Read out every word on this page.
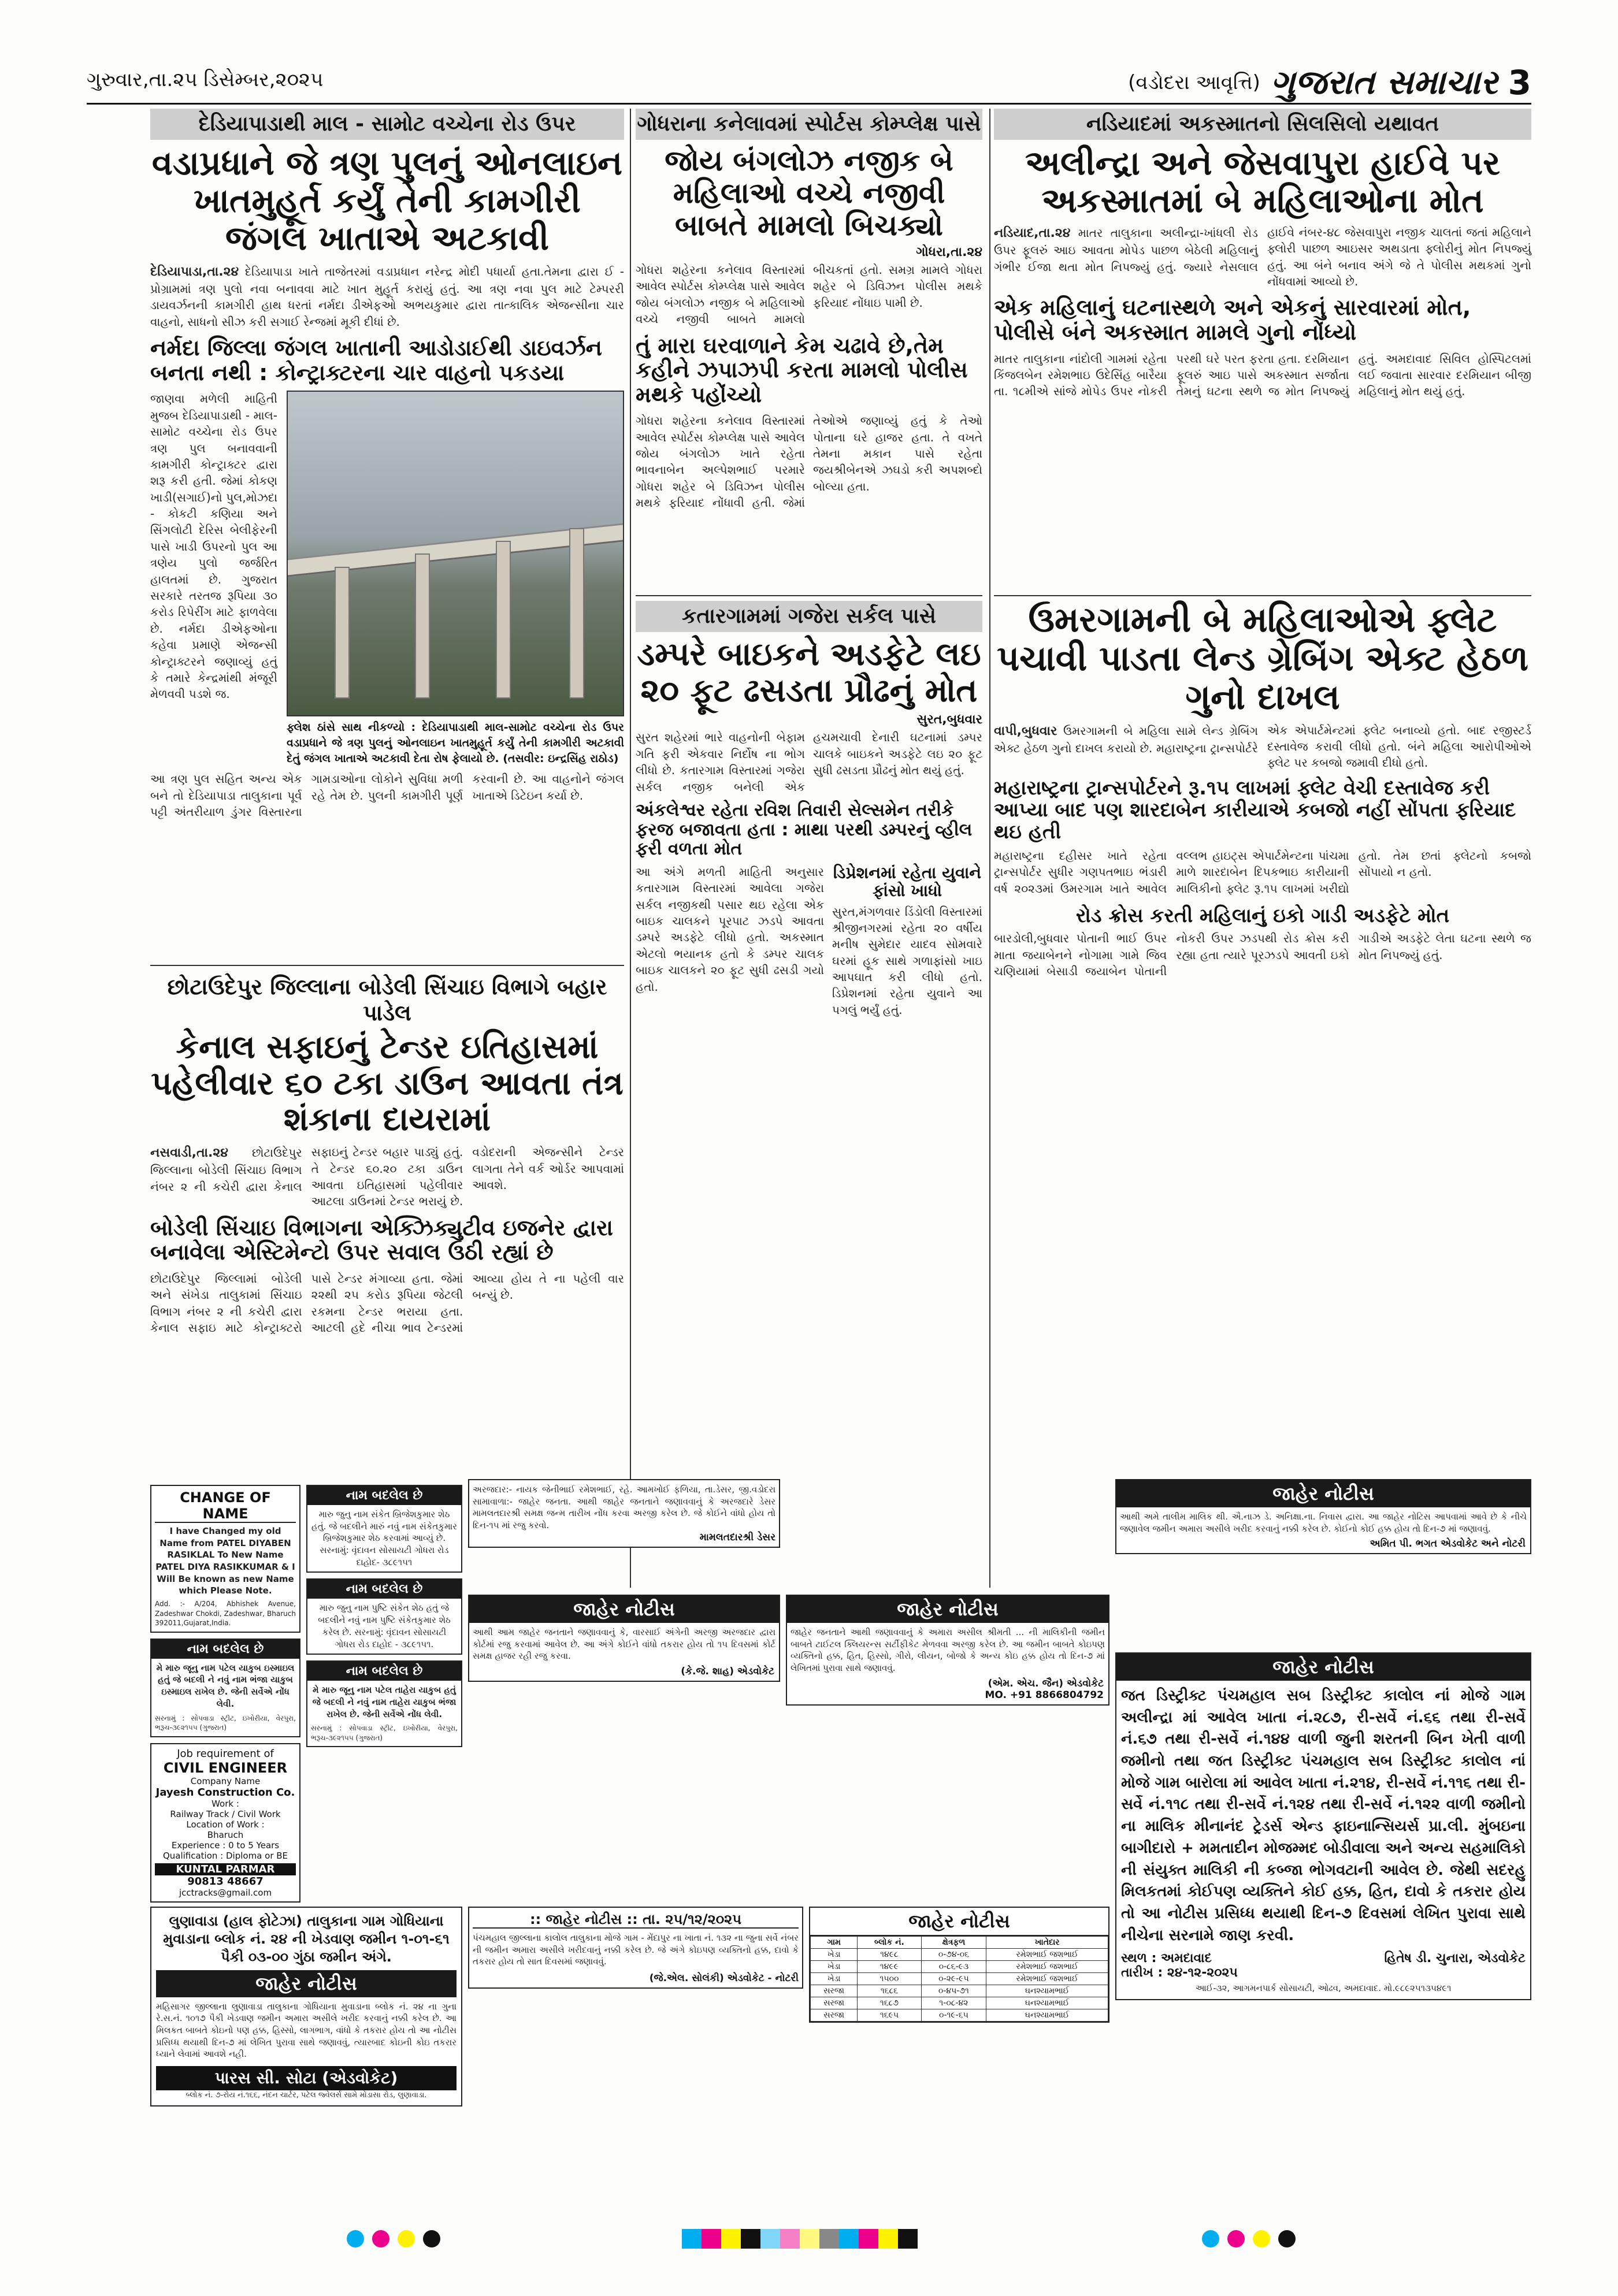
ગુરુવાર,તા.૨૫ ડિસેમ્બર,૨૦૨૫	(વડોદરા આવૃત્તિ) ગુજરાત સમાચાર 3
દેડિયાપાડાથી માલ - સામોટ વચ્ચેના રોડ ઉપર
વડાપ્રધાને જે ત્રણ પુલનું ઓનલાઇન ખાતમુહૂર્ત કર્યું તેની કામગીરી જંગલ ખાતાએ અટકાવી
દેડિયાપાડા,તા.૨૪ દેડિયાપાડા ખાતે તાજેતરમાં વડાપ્રધાન નરેન્દ્ર મોદી પધાર્યા હતા.તેમના દ્વારા ઈ - પ્રોગ્રામમાં ત્રણ પુલો નવા બનાવવા માટે ખાત મુહૂર્ત કરાયું હતું. આ ત્રણ નવા પુલ માટે ટેમ્પરરી ડાયવર્ઝનની કામગીરી હાથ ધરતાં નર્મદા ડીએફઓ અભયકુમાર દ્વારા તાત્કાલિક એજન્સીના ચાર વાહનો, સાધનો સીઝ કરી સગાઈ રેન્જમાં મૂકી દીધાં છે.
નર્મદા જિલ્લા જંગલ ખાતાની આડોડાઈથી ડાઇવર્ઝન બનતા નથી : કોન્ટ્રાક્ટરના ચાર વાહનો પકડયા
જાણવા મળેલી માહિતી મુજબ દેડિયાપાડાથી - માલ-સામોટ વચ્ચેના રોડ ઉપર ત્રણ પુલ બનાવવાની કામગીરી કોન્ટ્રાક્ટર દ્વારા શરૂ કરી હતી. જેમાં કોકણ ખાડી(સગાઈ)નો પુલ,મોઝદા - કોકટી કણિયા અને સિંગલોટી દેરિસ બેલીફેરની પાસે ખાડી ઉપરનો પુલ આ ત્રણેય પુલો જર્જરિત હાલતમાં છે. ગુજરાત સરકારે તરતજ રૂપિયા ૩૦ કરોડ રિપેરીંગ માટે ફાળવેલા છે. નર્મદા ડીએફઓના કહેવા પ્રમાણે એજન્સી કોન્ટ્રાક્ટરને જણાવ્યું હતું કે તમારે કેન્દ્રમાંથી મંજૂરી મેળવવી પડશે જ.
ફ્લેશ ઠાંસે સાથ નીકળ્યો : દેડિયાપાડાથી માલ-સામોટ વચ્ચેના રોડ ઉપર વડાપ્રધાને જે ત્રણ પુલનું ઓનલાઇન ખાતમુહૂર્ત કર્યું તેની કામગીરી અટકાવી દેતું જંગલ ખાતાએ અટકાવી દેતા રોષ ફેલાયો છે. (તસવીર: ઇન્દ્રસિંહ રાઠોડ)
આ ત્રણ પુલ સહિત અન્ય એક બને તો દેડિયાપાડા તાલુકાના પૂર્વ પટ્ટી અંતરીયાળ ડુંગર વિસ્તારના ગામડાઓના લોકોને સુવિધા મળી રહે તેમ છે. પુલની કામગીરી પૂર્ણ કરવાની છે. આ વાહનોને જંગલ ખાતાએ ડિટેઇન કર્યા છે.
છોટાઉદેપુર જિલ્લાના બોડેલી સિંચાઇ વિભાગે બહાર પાડેલ
કેનાલ સફાઇનું ટેન્ડર ઇતિહાસમાં પહેલીવાર ૬૦ ટકા ડાઉન આવતા તંત્ર શંકાના દાયરામાં
નસવાડી,તા.૨૪ છોટાઉદેપુર જિલ્લાના બોડેલી સિંચાઇ વિભાગ નંબર ૨ ની કચેરી દ્વારા કેનાલ સફાઇનું ટેન્ડર બહાર પાડ્યું હતું. તે ટેન્ડર ૬૦.૨૦ ટકા ડાઉન આવતા ઇતિહાસમાં પહેલીવાર આટલા ડાઉનમાં ટેન્ડર ભરાયું છે. વડોદરાની એજન્સીને ટેન્ડર લાગતા તેને વર્ક ઓર્ડર આપવામાં આવશે.
બોડેલી સિંચાઇ વિભાગના એક્ઝિક્યુટીવ ઇજનેર દ્વારા બનાવેલા એસ્ટિમેન્ટો ઉપર સવાલ ઉઠી રહ્યાં છે
છોટાઉદેપુર જિલ્લામાં બોડેલી અને સંખેડા તાલુકામાં સિંચાઇ વિભાગ નંબર ૨ ની કચેરી દ્વારા કેનાલ સફાઇ માટે કોન્ટ્રાક્ટરો પાસે ટેન્ડર મંગાવ્યા હતા. જેમાં ૨૨થી ૨૫ કરોડ રૂપિયા જેટલી રકમના ટેન્ડર ભરાયા હતા. આટલી હદે નીચા ભાવ ટેન્ડરમાં આવ્યા હોય તે ના પહેલી વાર બન્યું છે.
CHANGE OF NAME
I have Changed my old Name from PATEL DIYABEN RASIKLAL To New Name PATEL DIYA RASIKKUMAR & I Will Be known as new Name which Please Note.
Add. :- A/204, Abhishek Avenue, Zadeshwar Chokdi, Zadeshwar, Bharuch 392011,Gujarat,India.
નામ બદલેલ છે
મે મારુ જૂનુ નામ પટેલ યાકુબ ઇસ્માઇલ હતું જે બદલી ને નવું નામ ભંજા યાકુબ ઇસ્માઇલ રાખેલ છે. જેની સર્વેએ નોંધ લેવી.
સરનામું : સોપવાડા સ્ટ્રીટ, ઇખોરીયા, વેરપુરા, ભરૂચ-૩૯૨૧૫૫ (ગુજરાત)
Job requirement of
CIVIL ENGINEER
Company Name
Jayesh Construction Co.
Work :
Railway Track / Civil Work
Location of Work :
Bharuch
Experience : 0 to 5 Years
Qualification : Diploma or BE
KUNTAL PARMAR
90813 48667
jcctracks@gmail.com
નામ બદલેલ છે
મારુ જુનુ નામ સંકેત બ્રિજેશકુમાર શેઠ હતું. જે બદલીને મારું નવું નામ સંકેતકુમાર બ્રિજેશકુમાર શેઠ કરવામાં આવ્યું છે. સરનામું: વૃંદાવન સોસાયટી ગોધરા રોડ દાહોદ- ૩૮૯૧૫૧
નામ બદલેલ છે
મારુ જુનુ નામ પુષ્ટિ સંકેત શેઠ હતું જે બદલીને નવું નામ પુષ્ટિ સંકેતકુમાર શેઠ કરેલ છે. સરનામું: વૃંદાવન સોસાયટી ગોધરા રોડ દાહોદ - ૩૮૯૧૫૧.
નામ બદલેલ છે
મે મારુ જૂનુ નામ પટેલ તાહેરા યાકુબ હતું જે બદલી ને નવું નામ તાહેરા યાકુબ ભંજા રાખેલ છે. જેની સર્વેએ નોંધ લેવી.
સરનામું : સોપવાડા સ્ટ્રીટ, ઇખોરીયા, વેરપુરા, ભરૂચ-૩૯૨૧૫૫ (ગુજરાત)
લુણાવાડા (હાલ ફોટેઝા) તાલુકાના ગામ ગોધિયાના મુવાડાના બ્લોક નં. ૨૪ ની ખેડવાણ જમીન ૧-૦૧-૬૧ પૈકી ૦૩-૦૦ ગુંઠા જમીન અંગે.
જાહેર નોટીસ
મહિસાગર જીલ્લાના લુણાવાડા તાલુકાના ગોધિયાના મુવાડાના બ્લોક નં. ૨૪ ના ગુના રે.સ.નં. ૧૦૧૭ પૈકી ખેડવાણ જમીન અમારા અસીલે ખરીદ કરવાનું નક્કી કરેલ છે. આ મિલકત બાબતે કોઇનો પણ હક્ક, હિસ્સો, લાગભાગ, વાંધો કે તકરાર હોય તો આ નોટીસ પ્રસિધ્ધ થયાથી દિન-૭ માં લેખિત પુરાવા સાથે જણાવવું, ત્યારબાદ કોઇની કોઇ તકરાર ધ્યાને લેવામાં આવશે નહી.
પારસ સી. સોટા (એડવોકેટ)
બ્લોક નં. ૭-રોય નં.૧૬૬, નંદન ચાર્ટર, પટેલ જ્વેલર્સ સામે મોડાસા રોડ, લુણાવાડા.
ગોધરાના કનેલાવમાં સ્પોર્ટસ કોમ્પ્લેક્ષ પાસે
જોય બંગલોઝ નજીક બે મહિલાઓ વચ્ચે નજીવી બાબતે મામલો બિચક્યો
ગોધરા,તા.૨૪
ગોધરા શહેરના કનેલાવ વિસ્તારમાં આવેલ સ્પોર્ટસ કોમ્પ્લેક્ષ પાસે આવેલ જોય બંગલોઝ નજીક બે મહિલાઓ વચ્ચે નજીવી બાબતે મામલો બીચકતાં હતો. સમગ્ર મામલે ગોધરા શહેર બે ડિવિઝન પોલીસ મથકે ફરિયાદ નોંધાઇ પામી છે.
તું મારા ઘરવાળાને કેમ ચઢાવે છે,તેમ કહીને ઝપાઝપી કરતા મામલો પોલીસ મથકે પહોંચ્યો
ગોધરા શહેરના કનેલાવ વિસ્તારમાં આવેલ સ્પોર્ટસ કોમ્પ્લેક્ષ પાસે આવેલ જોય બંગલોઝ ખાતે રહેતા ભાવનાબેન અલ્પેશભાઈ પરમારે ગોધરા શહેર બે ડિવિઝન પોલીસ મથકે ફરિયાદ નોંધાવી હતી. જેમાં તેઓએ જણાવ્યું હતું કે તેઓ પોતાના ઘરે હાજર હતા. તે વખતે તેમના મકાન પાસે રહેતા જયશ્રીબેનએ ઝઘડો કરી અપશબ્દો બોલ્યા હતા.
કતારગામમાં ગજેરા સર્કલ પાસે
ડમ્પરે બાઇકને અડફેટે લઇ ૨૦ ફૂટ ઢસડતા પ્રૌઢનું મોત
સુરત,બુધવાર
સુરત શહેરમાં ભારે વાહનોની બેફામ ગતિ ફરી એકવાર નિર્દોષ ના ભોગ લીધો છે. કતારગામ વિસ્તારમાં ગજેરા સર્કલ નજીક બનેલી એક હચમચાવી દેનારી ઘટનામાં ડમ્પર ચાલકે બાઇકને અડફેટે લઇ ૨૦ ફૂટ સુધી ઢસડતા પ્રૌઢનું મોત થયું હતું.
અંકલેશ્વર રહેતા રવિશ તિવારી સેલ્સમેન તરીકે ફરજ બજાવતા હતા : માથા પરથી ડમ્પરનું વ્હીલ ફરી વળતા મોત
આ અંગે મળતી માહિતી અનુસાર કતારગામ વિસ્તારમાં આવેલા ગજેરા સર્કલ નજીકથી પસાર થઇ રહેલા એક બાઇક ચાલકને પૂરપાટ ઝડપે આવતા ડમ્પરે અડફેટે લીધો હતો. અકસ્માત એટલો ભયાનક હતો કે ડમ્પર ચાલક બાઇક ચાલકને ૨૦ ફૂટ સુધી ઢસડી ગયો હતો.
ડિપ્રેશનમાં રહેતા યુવાને ફાંસો ખાધો
સુરત,મંગળવાર ડિંડોલી વિસ્તારમાં શ્રીજીનગરમાં રહેતા ૨૦ વર્ષીય મનીષ સુમેદાર યાદવ સોમવારે ઘરમાં હૂક સાથે ગળાફાંસો ખાઇ આપઘાત કરી લીધો હતો. ડિપ્રેશનમાં રહેતા યુવાને આ પગલું ભર્યું હતું.
નડિયાદમાં અકસ્માતનો સિલસિલો યથાવત
અલીન્દ્રા અને જેસવાપુરા હાઈવે પર અકસ્માતમાં બે મહિલાઓના મોત
નડિયાદ,તા.૨૪ માતર તાલુકાના અલીન્દ્રા-ખાંધલી રોડ ઉપર ફૂલરું આઇ આવતા મોપેડ પાછળ બેઠેલી મહિલાનું ગંભીર ઈજા થતા મોત નિપજ્યું હતું. જ્યારે નેસલાલ હાઈવે નંબર-૪૮ જેસવાપુરા નજીક ચાલતાં જતાં મહિલાને ફ્લોરી પાછળ આઇસર અથડાતા ફ્લોરીનું મોત નિપજ્યું હતું. આ બંને બનાવ અંગે જે તે પોલીસ મથકમાં ગુનો નોંધવામાં આવ્યો છે.
એક મહિલાનું ઘટનાસ્થળે અને એકનું સારવારમાં મોત, પોલીસે બંને અકસ્માત મામલે ગુનો નોંધ્યો
માતર તાલુકાના નાંદોલી ગામમાં રહેતા કિંજલબેન રમેશભાઇ ઉદેસિંહ બારૈયા તા. ૧૮મીએ સાંજે મોપેડ ઉપર નોકરી પરથી ઘરે પરત ફરતા હતા. દરમિયાન ફૂલરું આઇ પાસે અકસ્માત સર્જાતા તેમનું ઘટના સ્થળે જ મોત નિપજ્યું હતું. અમદાવાદ સિવિલ હોસ્પિટલમાં લઈ જવાતા સારવાર દરમિયાન બીજી મહિલાનું મોત થયું હતું.
ઉમરગામની બે મહિલાઓએ ફ્લેટ પચાવી પાડતા લેન્ડ ગ્રેબિંગ એક્ટ હેઠળ ગુનો દાખલ
વાપી,બુધવાર ઉમરગામની બે મહિલા સામે લેન્ડ ગ્રેબિંગ એક્ટ હેઠળ ગુનો દાખલ કરાયો છે. મહારાષ્ટ્રના ટ્રાન્સપોર્ટરે એક એપાર્ટમેન્ટમાં ફ્લેટ બનાવ્યો હતો. બાદ રજીસ્ટર્ડ દસ્તાવેજ કરાવી લીધો હતો. બંને મહિલા આરોપીઓએ ફ્લેટ પર કબજો જમાવી દીધો હતો.
મહારાષ્ટ્રના ટ્રાન્સપોર્ટરને રૂ.૧૫ લાખમાં ફ્લેટ વેચી દસ્તાવેજ કરી આપ્યા બાદ પણ શારદાબેન કારીયાએ કબજો નહીં સોંપતા ફરિયાદ થઇ હતી
મહારાષ્ટ્રના દહીસર ખાતે રહેતા ટ્રાન્સપોર્ટર સુધીર ગણપતભાઇ ભંડારી વર્ષ ૨૦૨૩માં ઉમરગામ ખાતે આવેલ વલ્લભ હાઇટ્સ એપાર્ટમેન્ટના પાંચમા માળે શારદાબેન દિપકભાઇ કારીયાની માલિકીનો ફ્લેટ રૂ.૧૫ લાખમાં ખરીદ્યો હતો. તેમ છતાં ફ્લેટનો કબજો સોંપાયો ન હતો.
રોડ ક્રોસ કરતી મહિલાનું ઇકો ગાડી અડફેટે મોત
બારડોલી,બુધવાર પોતાની ભાઈ ઉપર માતા જયાબેનને નોગામા ગામે જિવ ચણિયામાં બેસાડી જયાબેન પોતાની નોકરી ઉપર ઝડપથી રોડ ક્રોસ કરી રહ્યા હતા ત્યારે પૂરઝડપે આવતી ઇકો ગાડીએ અડફેટે લેતા ઘટના સ્થળે જ મોત નિપજ્યું હતું.
અરજદાર:- નાયક જેનીભાઈ રમેશભાઈ, રહે. આમખોઈ ફળિયા, તા.ડેસર, જી.વડોદરા સામાવાળા:- જાહેર જનતા. આથી જાહેર જનતાને જણાવવાનું કે અરજદારે ડેસર મામલતદારશ્રી સમક્ષ જન્મ તારીખ નોંધ કરવા અરજી કરેલ છે. જે કોઈને વાંધો હોય તો દિન-૧૫ માં રજુ કરવો.
મામલતદારશ્રી ડેસર
જાહેર નોટીસ
આથી આમ જાહેર જનતાને જણાવવાનું કે, વારસાઈ અંગેની અરજી અરજદાર દ્વારા કોર્ટમાં રજુ કરવામાં આવેલ છે. આ અંગે કોઈને વાંધો તકરાર હોય તો ૧૫ દિવસમાં કોર્ટ સમક્ષ હાજર રહી રજુ કરવા.
(કે.જે. શાહ) એડવોકેટ
જાહેર નોટીસ
જાહેર જનતાને આથી જણાવવાનું કે અમારા અસીલ શ્રીમતી ... ની માલિકીની જમીન બાબતે ટાઈટલ ક્લિયરન્સ સર્ટીફીકેટ મેળવવા અરજી કરેલ છે. આ જમીન બાબતે કોઇપણ વ્યક્તિનો હક્ક, હિત, હિસ્સો, ગીરો, લીયન, બોજો કે અન્ય કોઇ હક્ક હોય તો દિન-૭ માં લેખિતમાં પુરાવા સાથે જણાવવું.
(એમ. એચ. જૈન) એડવોકેટ
MO. +91 8866804792
:: જાહેર નોટીસ :: તા. ૨૫/૧૨/૨૦૨૫
પંચમહાલ જીલ્લાના કાલોલ તાલુકાના મોજે ગામ - મેંદાપુર ના ખાતા નં. ૧૩૨ ના જુના સર્વે નંબર ની જમીન અમારા અસીલે ખરીદવાનું નક્કી કરેલ છે. જે અંગે કોઇપણ વ્યક્તિનો હક્ક, દાવો કે તકરાર હોય તો સાત દિવસમાં જણાવવું.
(જે.એલ. સોલંકી) એડવોકેટ - નોટરી
જાહેર નોટીસ
ગામ	બ્લોક નં.	ક્ષેત્રફળ	ખાતેદાર
ખેડા	૧૪૯૮	૦-૭૪-૦૬	રમેશભાઈ જશભાઈ
ખેડા	૧૪૯૯	૦-૮૬-૯૩	રમેશભાઈ જશભાઈ
ખેડા	૧૫૦૦	૦-૨૯-૯૫	રમેશભાઈ જશભાઈ
સરજા	૧૬૮૬	૦-૪૫-૭૧	ઘનશ્યામભાઈ
સરજા	૧૬૮૭	૧-૦૮-૪૨	ઘનશ્યામભાઈ
સરજા	૧૬૯૫	૦-૧૯-૬૫	ઘનશ્યામભાઈ
જાહેર નોટીસ
આથી અમે તાલીમ માલિક થી. ઐ.નાઝ ડે. અનિક્ષા.ના. નિવાસ દ્વારા. આ જાહેર નોટિસ આપવામાં આવે છે કે નીચે જણાવેલ જમીન અમારા અસીલે ખરીદ કરવાનું નક્કી કરેલ છે. કોઈનો કોઈ હક્ક હોય તો દિન-૭ માં જણાવવું.
અમિત પી. ભગત એડવોકેટ અને નોટરી
જાહેર નોટીસ
જત ડિસ્ટ્રીક્ટ પંચમહાલ સબ ડિસ્ટ્રીક્ટ કાલોલ નાં મોજે ગામ અલીન્દ્રા માં આવેલ ખાતા નં.૨૮૭, રી-સર્વે નં.૬૬ તથા રી-સર્વે નં.૬૭ તથા રી-સર્વે નં.૧૪૪ વાળી જુની શરતની બિન ખેતી વાળી જમીનો તથા જત ડિસ્ટ્રીક્ટ પંચમહાલ સબ ડિસ્ટ્રીક્ટ કાલોલ નાં મોજે ગામ બારોલા માં આવેલ ખાતા નં.૨૧૪, રી-સર્વે નં.૧૧૬ તથા રી-સર્વે નં.૧૧૮ તથા રી-સર્વે નં.૧૨૪ તથા રી-સર્વે નં.૧૨૨ વાળી જમીનો ના માલિક મીનાનંદ ટ્રેડર્સ એન્ડ ફાઇનાન્સિયર્સ પ્રા.લી. મુંબઇના બાગીદારો + મમતાદીન મોજમ્મદ બોડીવાલા અને અન્ય સહમાલિકો ની સંયુક્ત માલિકી ની કબ્જા ભોગવટાની આવેલ છે. જેથી સદરહુ મિલકતમાં કોઈપણ વ્યક્તિને કોઈ હક્ક, હિત, દાવો કે તકરાર હોય તો આ નોટીસ પ્રસિધ્ધ થયાથી દિન-૭ દિવસમાં લેખિત પુરાવા સાથે નીચેના સરનામે જાણ કરવી.
સ્થળ : અમદાવાદ	હિતેષ ડી. ચુનારા, એડવોકેટ
તારીખ : ૨૪-૧૨-૨૦૨૫
આઈ-૩૨, આગમનપાર્ક સોસાયટી, ઓઢવ, અમદાવાદ. મો.૯૮૯૨૫૧૩૫૪૯૧
